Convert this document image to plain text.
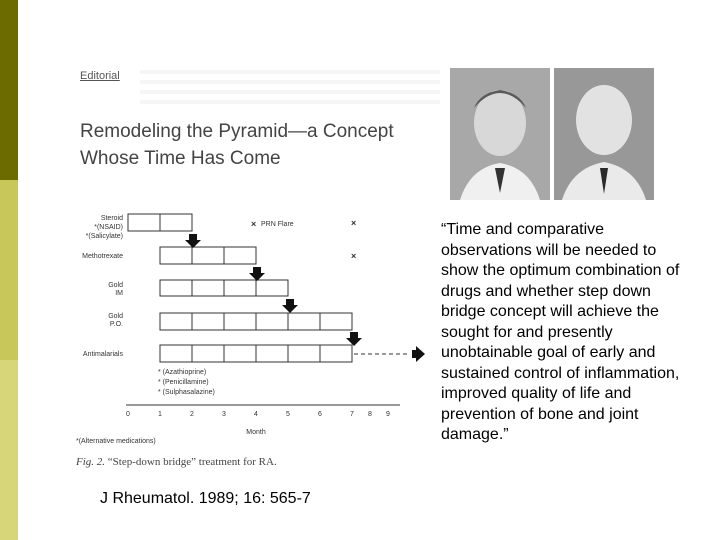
Editorial
Remodeling the Pyramid—a Concept
Whose Time Has Come
Steroid
*(NSAID)
*(Salicylate)
Methotrexate
Gold
IM
Gold
P.O.
Antimalarials
× PRN Flare	×
×
* (Azathioprine)
* (Penicillamine)
* (Sulphasalazine)
0	1	2	3	4	5	6	7 8 9
Month
*(Alternative medications)
Fig. 2. “Step-down bridge” treatment for RA.
“Time and comparative observations will be needed to show the optimum combination of drugs and whether step down bridge concept will achieve the sought for and presently unobtainable goal of early and sustained control of inflammation, improved quality of life and prevention of bone and joint damage.”
J Rheumatol. 1989; 16: 565-7
